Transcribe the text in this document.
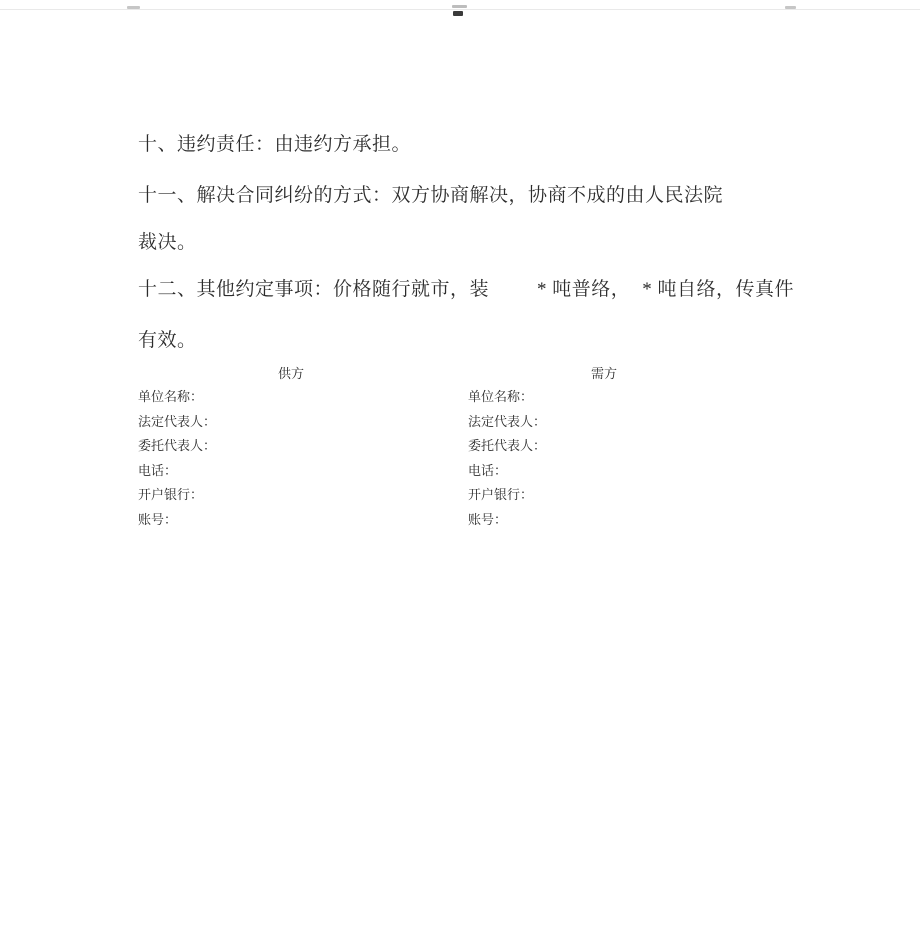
十、违约责任：由违约方承担。
十一、解决合同纠纷的方式：双方协商解决，协商不成的由人民法院
裁决。
十二、其他约定事项：价格随行就市，装	* 吨普络， * 吨自络，传真件
有效。
供方	需方
单位名称：
法定代表人：
委托代表人：
电话：
开户银行：
账号：
单位名称：
法定代表人：
委托代表人：
电话：
开户银行：
账号：
